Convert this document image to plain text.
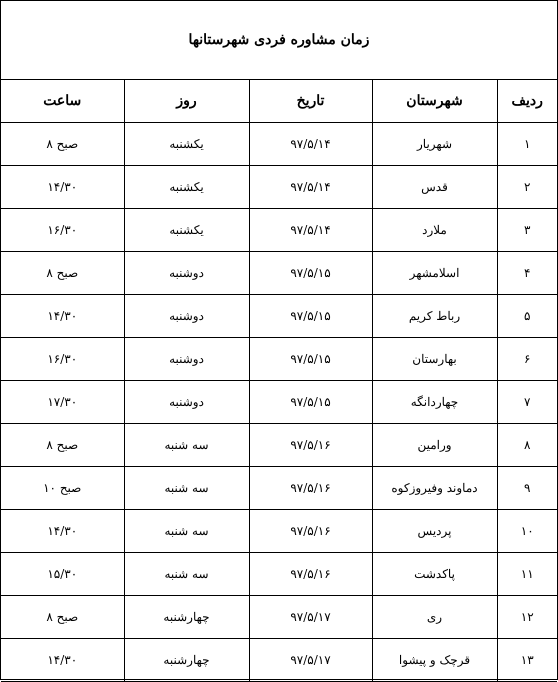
زمان مشاوره فردی شهرستانها
ردیف	شهرستان	تاریخ	روز	ساعت
۱	شهریار	۹۷/۵/۱۴	یکشنبه	صبح ۸
۲	قدس	۹۷/۵/۱۴	یکشنبه	۱۴/۳۰
۳	ملارد	۹۷/۵/۱۴	یکشنبه	۱۶/۳۰
۴	اسلامشهر	۹۷/۵/۱۵	دوشنبه	صبح ۸
۵	رباط کریم	۹۷/۵/۱۵	دوشنبه	۱۴/۳۰
۶	بهارستان	۹۷/۵/۱۵	دوشنبه	۱۶/۳۰
۷	چهاردانگه	۹۷/۵/۱۵	دوشنبه	۱۷/۳۰
۸	ورامین	۹۷/۵/۱۶	سه شنبه	صبح ۸
۹	دماوند وفیروزکوه	۹۷/۵/۱۶	سه شنبه	صبح ۱۰
۱۰	پردیس	۹۷/۵/۱۶	سه شنبه	۱۴/۳۰
۱۱	پاکدشت	۹۷/۵/۱۶	سه شنبه	۱۵/۳۰
۱۲	ری	۹۷/۵/۱۷	چهارشنبه	صبح ۸
۱۳	قرچک و پیشوا	۹۷/۵/۱۷	چهارشنبه	۱۴/۳۰
